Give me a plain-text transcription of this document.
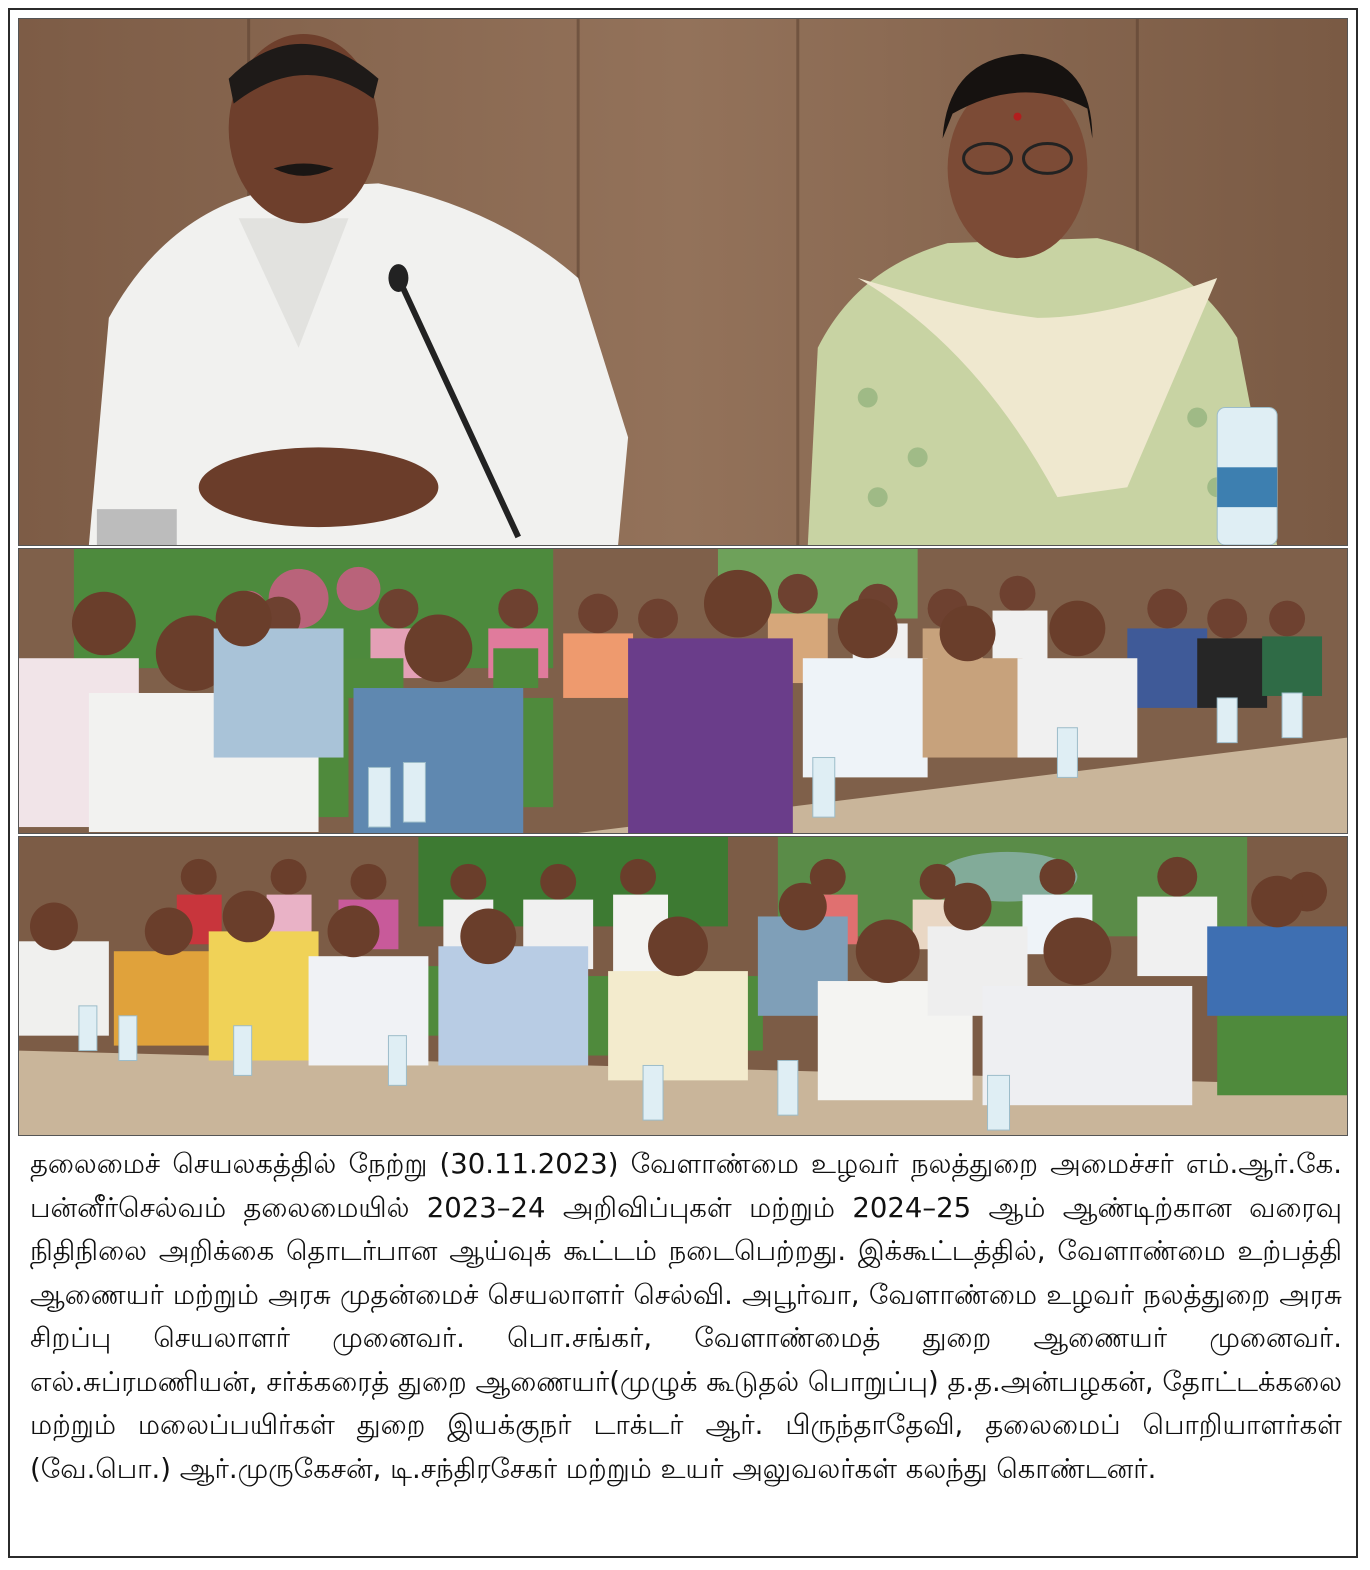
தலைமைச் செயலகத்தில் நேற்று (30.11.2023) வேளாண்மை உழவர் நலத்துறை அமைச்சர் எம்.ஆர்.கே. பன்னீர்செல்வம் தலைமையில் 2023–24 அறிவிப்புகள் மற்றும் 2024–25 ஆம் ஆண்டிற்கான வரைவு நிதிநிலை அறிக்கை தொடர்பான ஆய்வுக் கூட்டம் நடைபெற்றது. இக்கூட்டத்தில், வேளாண்மை உற்பத்தி ஆணையர் மற்றும் அரசு முதன்மைச் செயலாளர் செல்வி. அபூர்வா, வேளாண்மை உழவர் நலத்துறை அரசு சிறப்பு செயலாளர் முனைவர். பொ.சங்கர், வேளாண்மைத் துறை ஆணையர் முனைவர். எல்.சுப்ரமணியன், சர்க்கரைத் துறை ஆணையர்(முழுக் கூடுதல் பொறுப்பு) த.த.அன்பழகன், தோட்டக்கலை மற்றும் மலைப்பயிர்கள் துறை இயக்குநர் டாக்டர் ஆர். பிருந்தாதேவி, தலைமைப் பொறியாளர்கள் (வே.பொ.) ஆர்.முருகேசன், டி.சந்திரசேகர் மற்றும் உயர் அலுவலர்கள் கலந்து கொண்டனர்.
